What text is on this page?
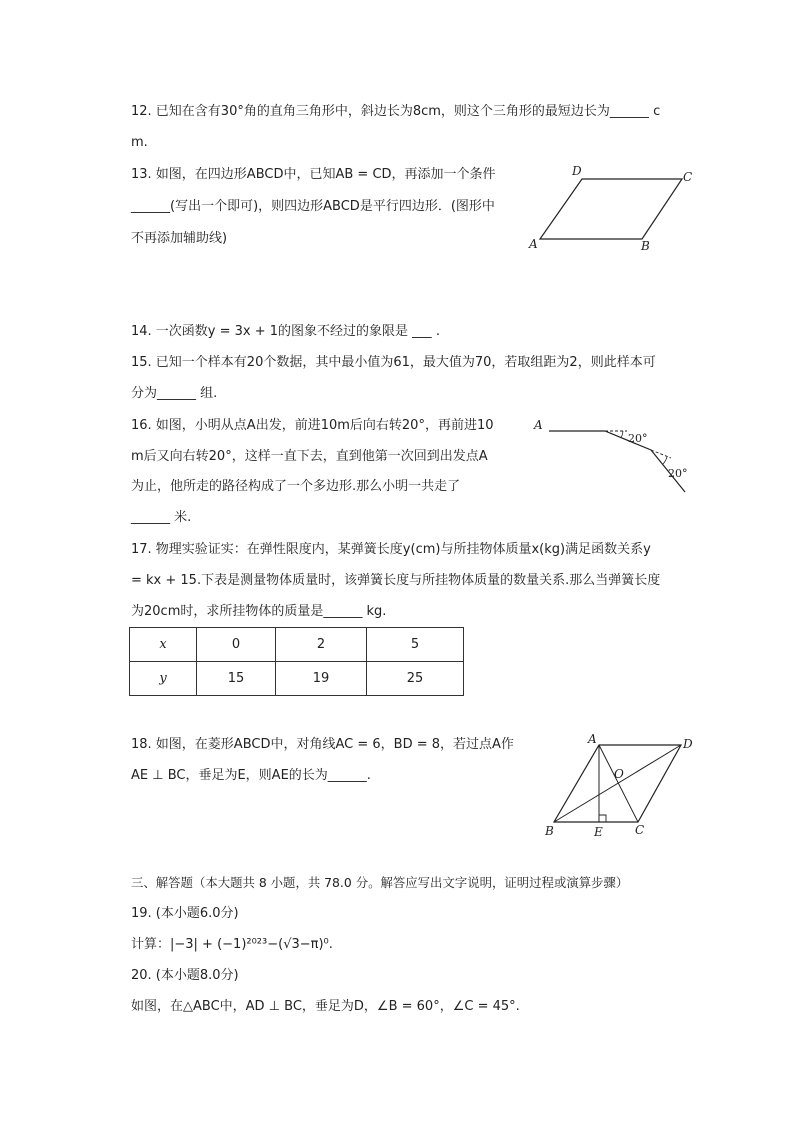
12. 已知在含有30°角的直角三角形中，斜边长为8cm，则这个三角形的最短边长为______ c
m.
13. 如图，在四边形ABCD中，已知AB = CD，再添加一个条件
______(写出一个即可)，则四边形ABCD是平行四边形．(图形中
不再添加辅助线)
D	C
A	B
14. 一次函数y = 3x + 1的图象不经过的象限是 ___ .
15. 已知一个样本有20个数据，其中最小值为61，最大值为70，若取组距为2，则此样本可
分为______ 组.
16. 如图，小明从点A出发，前进10m后向右转20°，再前进10
m后又向右转20°，这样一直下去，直到他第一次回到出发点A
为止，他所走的路径构成了一个多边形.那么小明一共走了
______ 米.
A
20°
20°
17. 物理实验证实：在弹性限度内，某弹簧长度y(cm)与所挂物体质量x(kg)满足函数关系y
= kx + 15.下表是测量物体质量时，该弹簧长度与所挂物体质量的数量关系.那么当弹簧长度
为20cm时，求所挂物体的质量是______ kg.
x	0	2	5
y	15	19	25
18. 如图，在菱形ABCD中，对角线AC = 6，BD = 8，若过点A作
AE ⊥ BC，垂足为E，则AE的长为______.
A	D
O
B	E	C
三、解答题（本大题共 8 小题，共 78.0 分。解答应写出文字说明，证明过程或演算步骤）
19. (本小题6.0分)
计算：|−3| + (−1)²⁰²³−(√3−π)⁰.
20. (本小题8.0分)
如图，在△ABC中，AD ⊥ BC，垂足为D，∠B = 60°，∠C = 45°.
